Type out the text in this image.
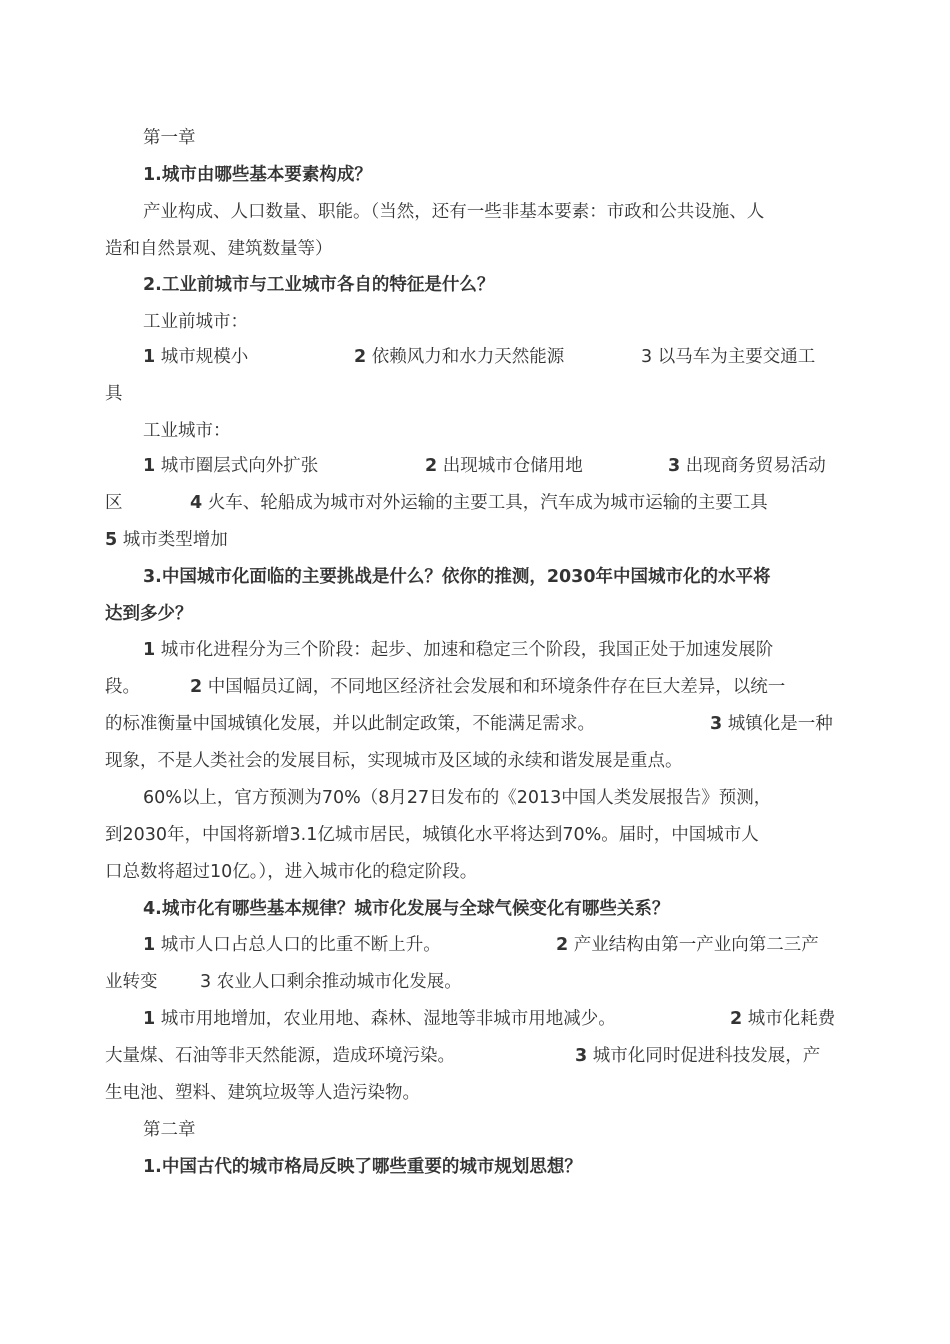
第一章
1.城市由哪些基本要素构成？
产业构成、人口数量、职能。（当然，还有一些非基本要素：市政和公共设施、人
造和自然景观、建筑数量等）
2.工业前城市与工业城市各自的特征是什么？
工业前城市：
1 城市规模小	2 依赖风力和水力天然能源	3 以马车为主要交通工
具
工业城市：
1 城市圈层式向外扩张	2 出现城市仓储用地	3 出现商务贸易活动
区	4 火车、轮船成为城市对外运输的主要工具，汽车成为城市运输的主要工具
5 城市类型增加
3.中国城市化面临的主要挑战是什么？依你的推测，2030年中国城市化的水平将
达到多少？
1 城市化进程分为三个阶段：起步、加速和稳定三个阶段，我国正处于加速发展阶
段。	2 中国幅员辽阔，不同地区经济社会发展和和环境条件存在巨大差异，以统一
的标准衡量中国城镇化发展，并以此制定政策，不能满足需求。	3 城镇化是一种
现象，不是人类社会的发展目标，实现城市及区域的永续和谐发展是重点。
60%以上，官方预测为70%（8月27日发布的《2013中国人类发展报告》预测，
到2030年，中国将新增3.1亿城市居民，城镇化水平将达到70%。届时，中国城市人
口总数将超过10亿。），进入城市化的稳定阶段。
4.城市化有哪些基本规律？城市化发展与全球气候变化有哪些关系？
1 城市人口占总人口的比重不断上升。	2 产业结构由第一产业向第二三产
业转变 3 农业人口剩余推动城市化发展。
1 城市用地增加，农业用地、森林、湿地等非城市用地减少。	2 城市化耗费
大量煤、石油等非天然能源，造成环境污染。	3 城市化同时促进科技发展，产
生电池、塑料、建筑垃圾等人造污染物。
第二章
1.中国古代的城市格局反映了哪些重要的城市规划思想？
